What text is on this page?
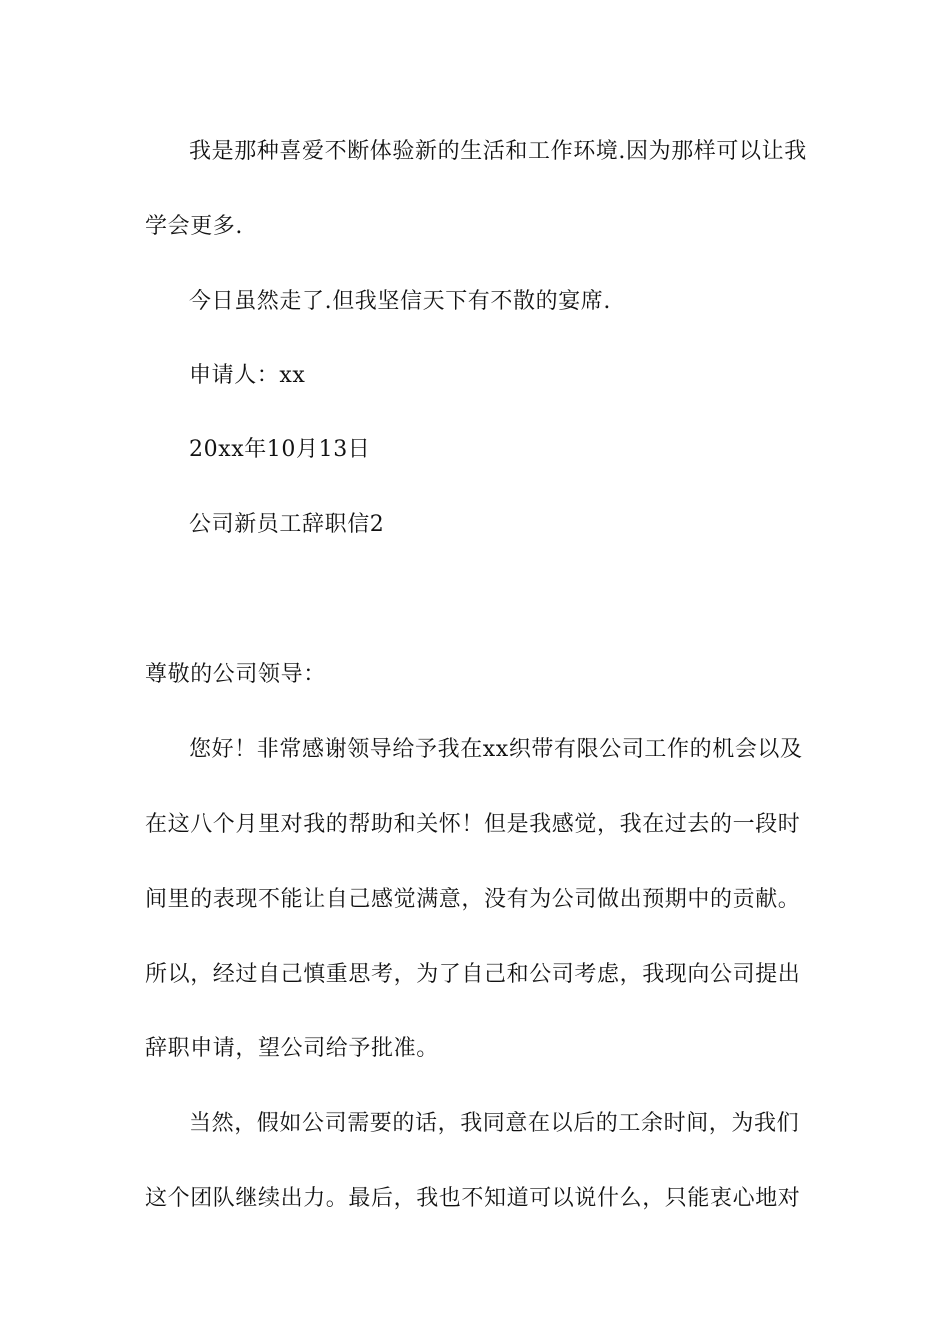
我是那种喜爱不断体验新的生活和工作环境.因为那样可以让我
学会更多.
今日虽然走了.但我坚信天下有不散的宴席.
申请人：xx
20xx年10月13日
公司新员工辞职信2
尊敬的公司领导：
您好！非常感谢领导给予我在xx织带有限公司工作的机会以及
在这八个月里对我的帮助和关怀！但是我感觉，我在过去的一段时
间里的表现不能让自己感觉满意，没有为公司做出预期中的贡献。
所以，经过自己慎重思考，为了自己和公司考虑，我现向公司提出
辞职申请，望公司给予批准。
当然，假如公司需要的话，我同意在以后的工余时间，为我们
这个团队继续出力。最后，我也不知道可以说什么，只能衷心地对
